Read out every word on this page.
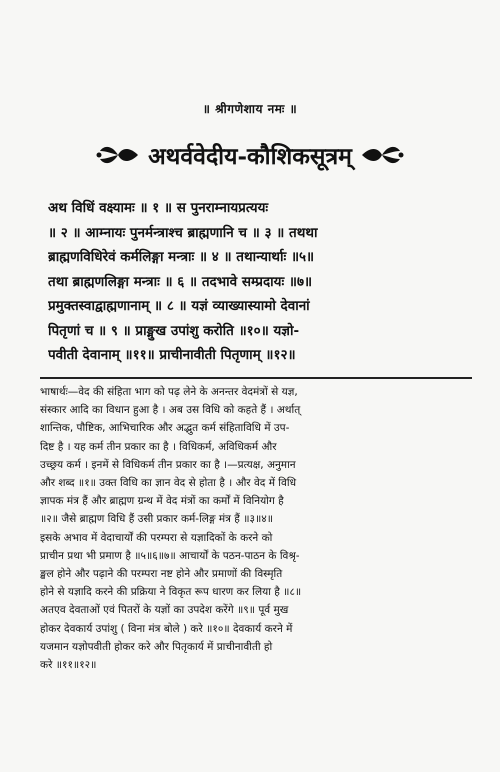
॥ श्रीगणेशाय नमः ॥
अथर्ववेदीय-कौशिकसूत्रम्
अथ विधिं वक्ष्यामः ॥ १ ॥ स पुनराम्नायप्रत्ययः
॥ २ ॥ आम्नायः पुनर्मन्त्राश्च ब्राह्मणानि च ॥ ३ ॥ तथथा
ब्राह्मणविधिरेवं कर्मलिङ्गा मन्त्राः ॥ ४ ॥ तथान्यार्थाः ॥५॥
तथा ब्राह्मणलिङ्गा मन्त्राः ॥ ६ ॥ तदभावे सम्प्रदायः ॥७॥
प्रमुक्तस्वाद्वाह्मणानाम् ॥ ८ ॥ यज्ञं व्याख्यास्यामो देवानां
पितृणां च ॥ ९ ॥ प्राङ्मुख उपांशु करोति ॥१०॥ यज्ञो-
पवीती देवानाम् ॥११॥ प्राचीनावीती पितृणाम् ॥१२॥
भाषार्थः—वेद की संहिता भाग को पढ़ लेने के अनन्तर वेदमंत्रों से यज्ञ,
संस्कार आदि का विधान हुआ है । अब उस विधि को कहते हैं । अर्थात्
शान्तिक, पौष्टिक, आभिचारिक और अद्भुत कर्म संहिताविधि में उप-
दिष्ट है । यह कर्म तीन प्रकार का है । विधिकर्म, अविधिकर्म और
उच्छ्रय कर्म । इनमें से विधिकर्म तीन प्रकार का है ।—प्रत्यक्ष, अनुमान
और शब्द ॥१॥ उक्त विधि का ज्ञान वेद से होता है । और वेद में विधि
ज्ञापक मंत्र हैं और ब्राह्मण ग्रन्थ में वेद मंत्रों का कर्मों में विनियोग है
॥२॥ जैसे ब्राह्मण विधि हैं उसी प्रकार कर्म-लिङ्ग मंत्र हैं ॥३॥४॥
इसके अभाव में वेदाचार्यों की परम्परा से यज्ञादिकों के करने को
प्राचीन प्रथा भी प्रमाण है ॥५॥६॥७॥ आचार्यों के पठन-पाठन के विश्रृ-
ङ्खल होने और पढ़ाने की परम्परा नष्ट होने और प्रमाणों की विस्मृति
होने से यज्ञादि करने की प्रक्रिया ने विकृत रूप धारण कर लिया है ॥८॥
अतएव देवताओं एवं पितरों के यज्ञों का उपदेश करेंगे ॥९॥ पूर्व मुख
होकर देवकार्य उपांशु ( विना मंत्र बोले ) करे ॥१०॥ देवकार्य करने में
यजमान यज्ञोपवीती होकर करे और पितृकार्य में प्राचीनावीती हो
करे ॥११॥१२॥
